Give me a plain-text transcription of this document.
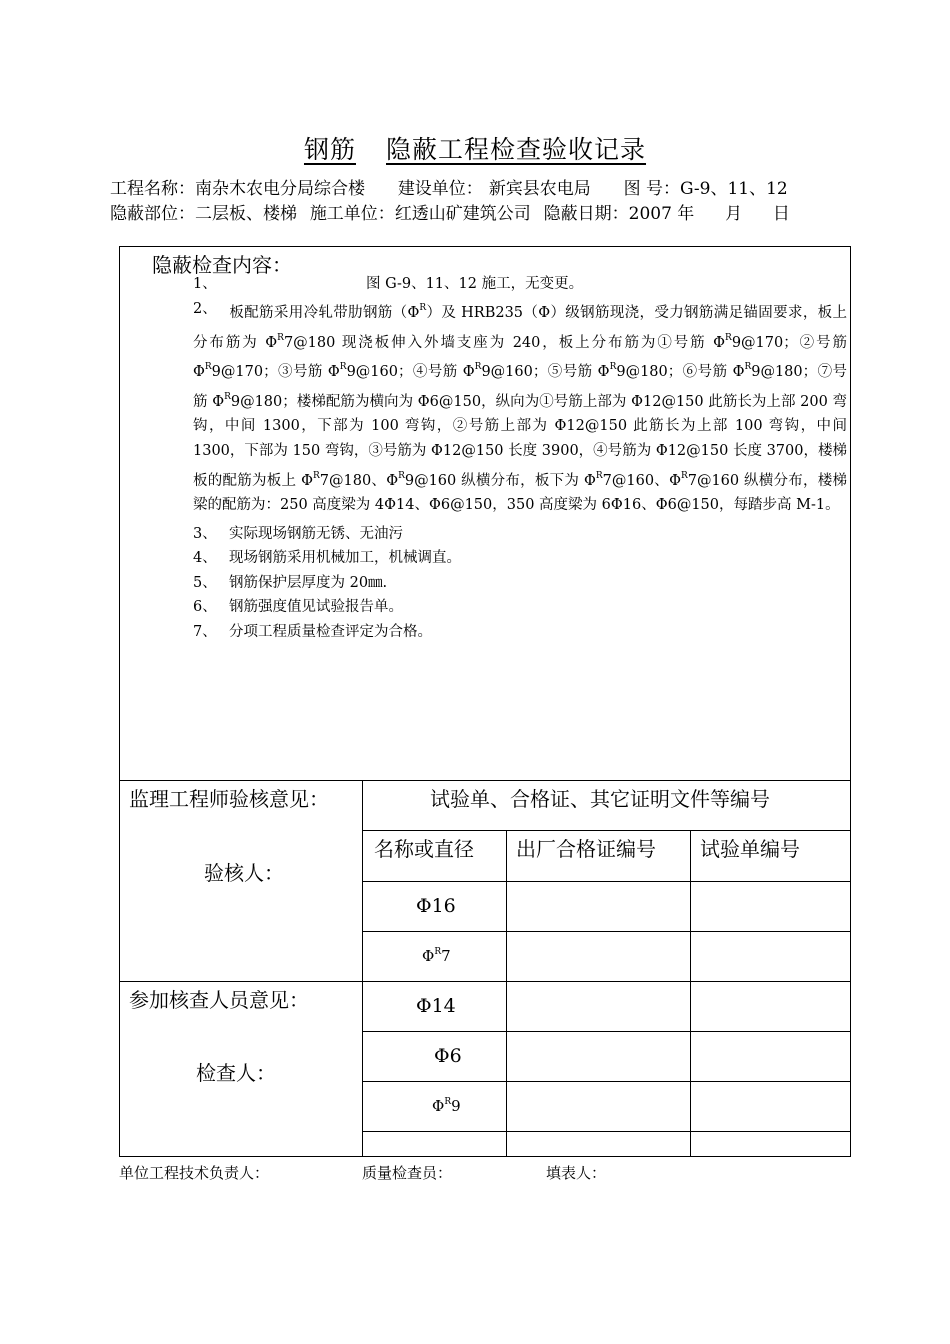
钢筋 隐蔽工程检查验收记录
工程名称：南杂木农电分局综合楼 建设单位： 新宾县农电局 图 号：G-9、11、12
隐蔽部位：二层板、楼梯 施工单位：红透山矿建筑公司 隐蔽日期：2007 年 月 日
隐蔽检查内容：
1、	图 G-9、11、12 施工，无变更。
2、 板配筋采用冷轧带肋钢筋$(\Phi^R)$及 HRB235（Φ）级钢筋现浇，受力钢筋满足锚固要求，板上分布筋为 $\Phi^R7@180$ 现浇板伸入外墙支座为 240，板上分布筋为①号筋 $\Phi^R9@170$；②号筋 $\Phi^R9@170$；③号筋 $\Phi^R9@160$；④号筋 $\Phi^R9@160$；⑤号筋 $\Phi^R9@180$；⑥号筋 $\Phi^R9@180$；⑦号筋 $\Phi^R9@180$；楼梯配筋为横向为 Φ6@150，纵向为①号筋上部为 Φ12@150 此筋长为上部 200 弯钩，中间 1300，下部为 100 弯钩，②号筋上部为 Φ12@150 此筋长为上部 100 弯钩，中间 1300，下部为 150 弯钩，③号筋为 Φ12@150 长度 3900，④号筋为 Φ12@150 长度 3700，楼梯板的配筋为板上 $\Phi^R7@180$、$\Phi^R9@160$ 纵横分布，板下为 $\Phi^R7@160$、$\Phi^R7@160$ 纵横分布，楼梯梁的配筋为：250 高度梁为 4Φ14、Φ6@150，350 高度梁为 6Φ16、Φ6@150，每踏步高 M-1。
3、 实际现场钢筋无锈、无油污
4、 现场钢筋采用机械加工，机械调直。
5、 钢筋保护层厚度为 20㎜.
6、 钢筋强度值见试验报告单。
7、 分项工程质量检查评定为合格。
监理工程师验核意见：
验核人：
参加核查人员意见：
检查人：
试验单、合格证、其它证明文件等编号
名称或直径 出厂合格证编号 试验单编号
Φ16
$\Phi^R7$
Φ14
Φ6
$\Phi^R9$
单位工程技术负责人：	质量检查员：	填表人：
